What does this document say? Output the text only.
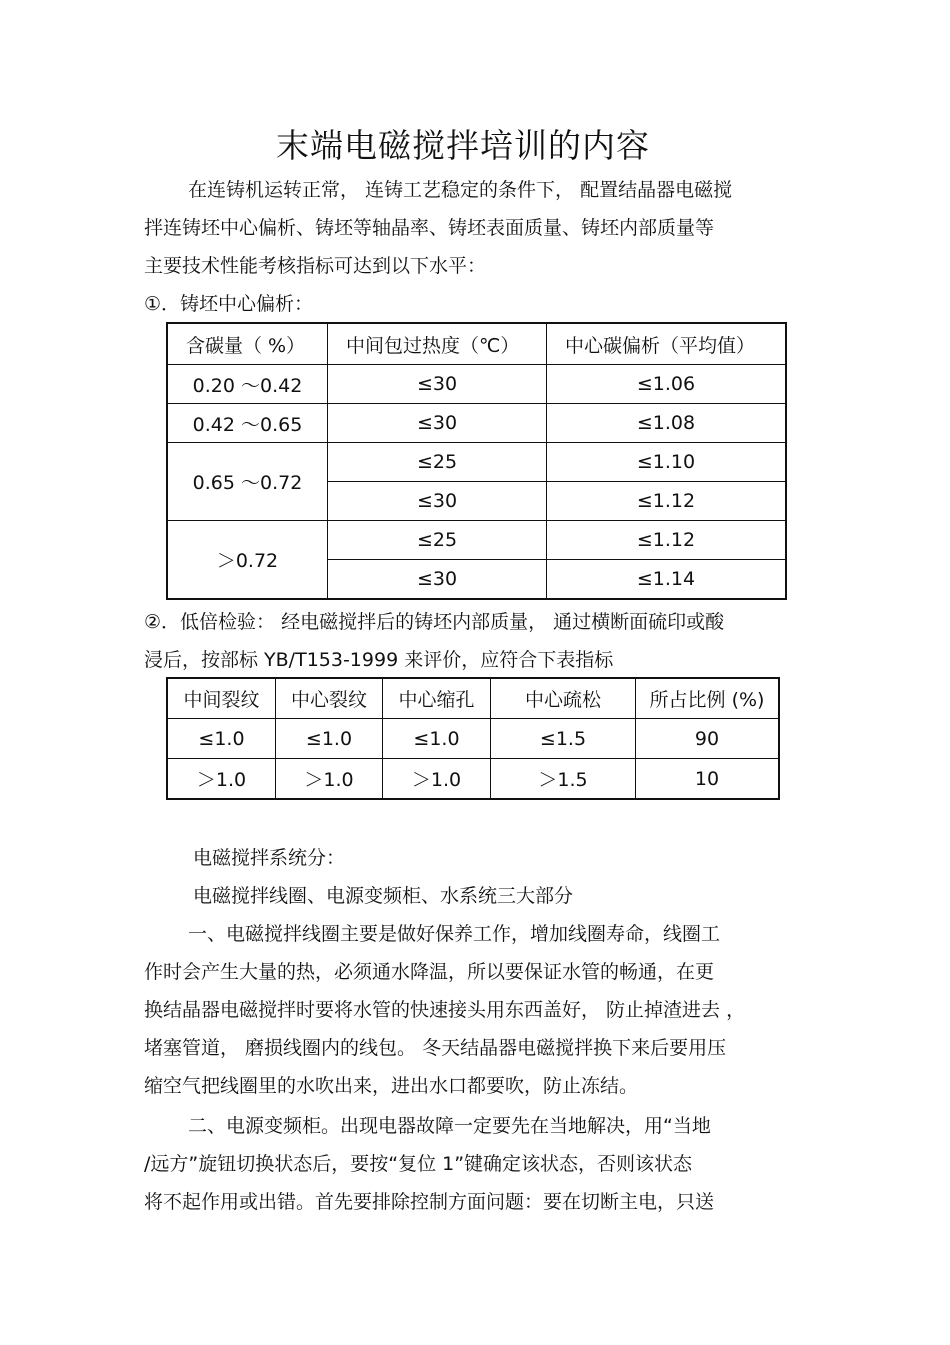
末端电磁搅拌培训的内容
在连铸机运转正常， 连铸工艺稳定的条件下， 配置结晶器电磁搅
拌连铸坯中心偏析、铸坯等轴晶率、铸坯表面质量、铸坯内部质量等
主要技术性能考核指标可达到以下水平：
①．铸坯中心偏析：
含碳量（ %）	中间包过热度（℃）	中心碳偏析（平均值）
0.20 ～0.42	≤30	≤1.06
0.42 ～0.65	≤30	≤1.08
0.65 ～0.72	≤25	≤1.10
	≤30	≤1.12
＞0.72	≤25	≤1.12
	≤30	≤1.14
②．低倍检验： 经电磁搅拌后的铸坯内部质量， 通过横断面硫印或酸
浸后，按部标 YB/T153-1999 来评价，应符合下表指标
中间裂纹	中心裂纹	中心缩孔	中心疏松	所占比例 (%)
≤1.0	≤1.0	≤1.0	≤1.5	90
＞1.0	＞1.0	＞1.0	＞1.5	10
电磁搅拌系统分：
电磁搅拌线圈、电源变频柜、水系统三大部分
一、电磁搅拌线圈主要是做好保养工作，增加线圈寿命，线圈工
作时会产生大量的热，必须通水降温，所以要保证水管的畅通，在更
换结晶器电磁搅拌时要将水管的快速接头用东西盖好， 防止掉渣进去 ，
堵塞管道， 磨损线圈内的线包。 冬天结晶器电磁搅拌换下来后要用压
缩空气把线圈里的水吹出来，进出水口都要吹，防止冻结。
二、电源变频柜。出现电器故障一定要先在当地解决，用“当地
/远方”旋钮切换状态后，要按“复位 1”键确定该状态，否则该状态
将不起作用或出错。首先要排除控制方面问题：要在切断主电，只送
